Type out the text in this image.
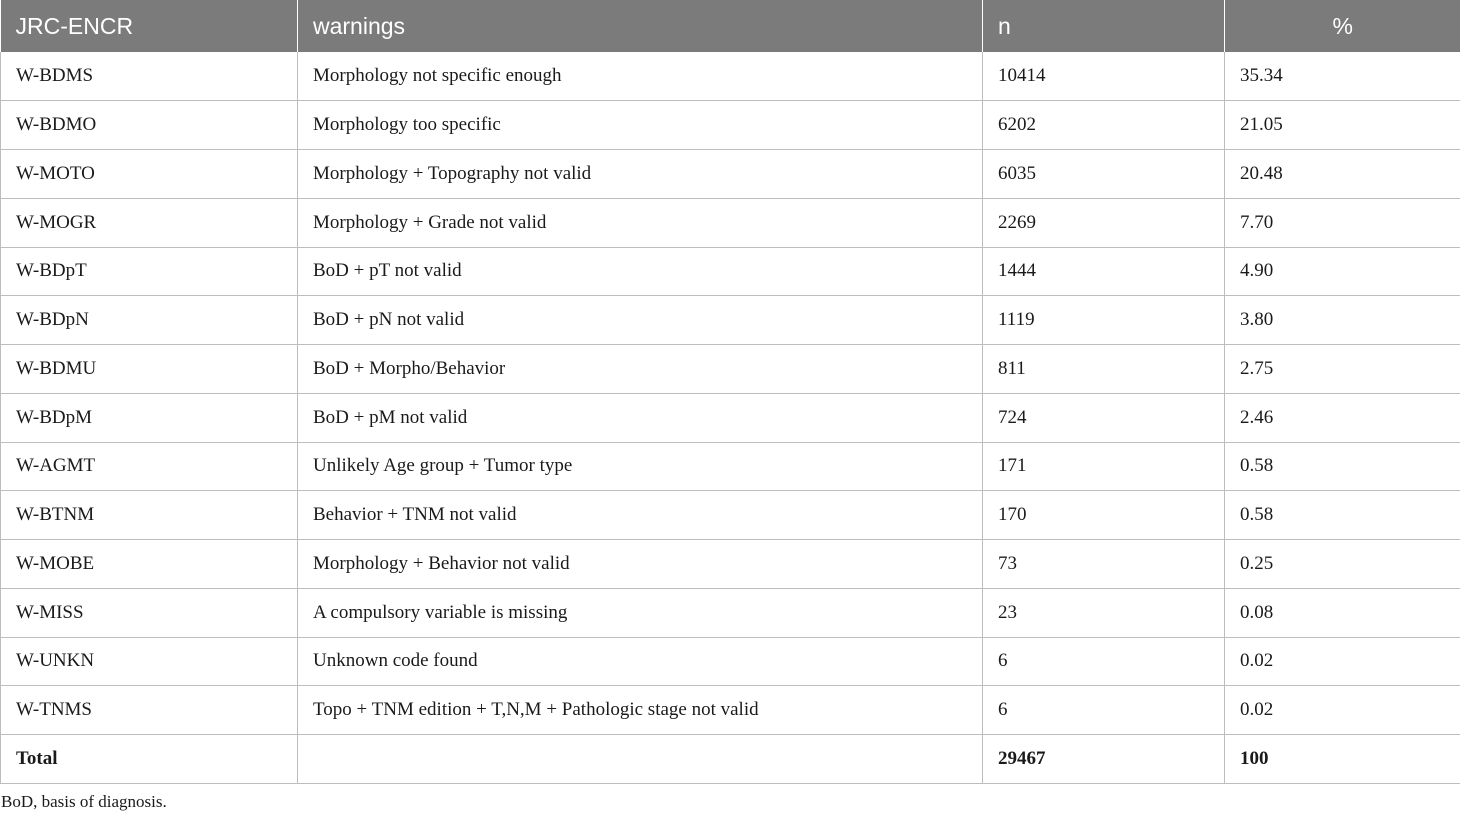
JRC-ENCR	warnings	n	%
W-BDMS	Morphology not specific enough	10414	35.34
W-BDMO	Morphology too specific	6202	21.05
W-MOTO	Morphology + Topography not valid	6035	20.48
W-MOGR	Morphology + Grade not valid	2269	7.70
W-BDpT	BoD + pT not valid	1444	4.90
W-BDpN	BoD + pN not valid	1119	3.80
W-BDMU	BoD + Morpho/Behavior	811	2.75
W-BDpM	BoD + pM not valid	724	2.46
W-AGMT	Unlikely Age group + Tumor type	171	0.58
W-BTNM	Behavior + TNM not valid	170	0.58
W-MOBE	Morphology + Behavior not valid	73	0.25
W-MISS	A compulsory variable is missing	23	0.08
W-UNKN	Unknown code found	6	0.02
W-TNMS	Topo + TNM edition + T,N,M + Pathologic stage not valid	6	0.02
Total		29467	100
BoD, basis of diagnosis.
